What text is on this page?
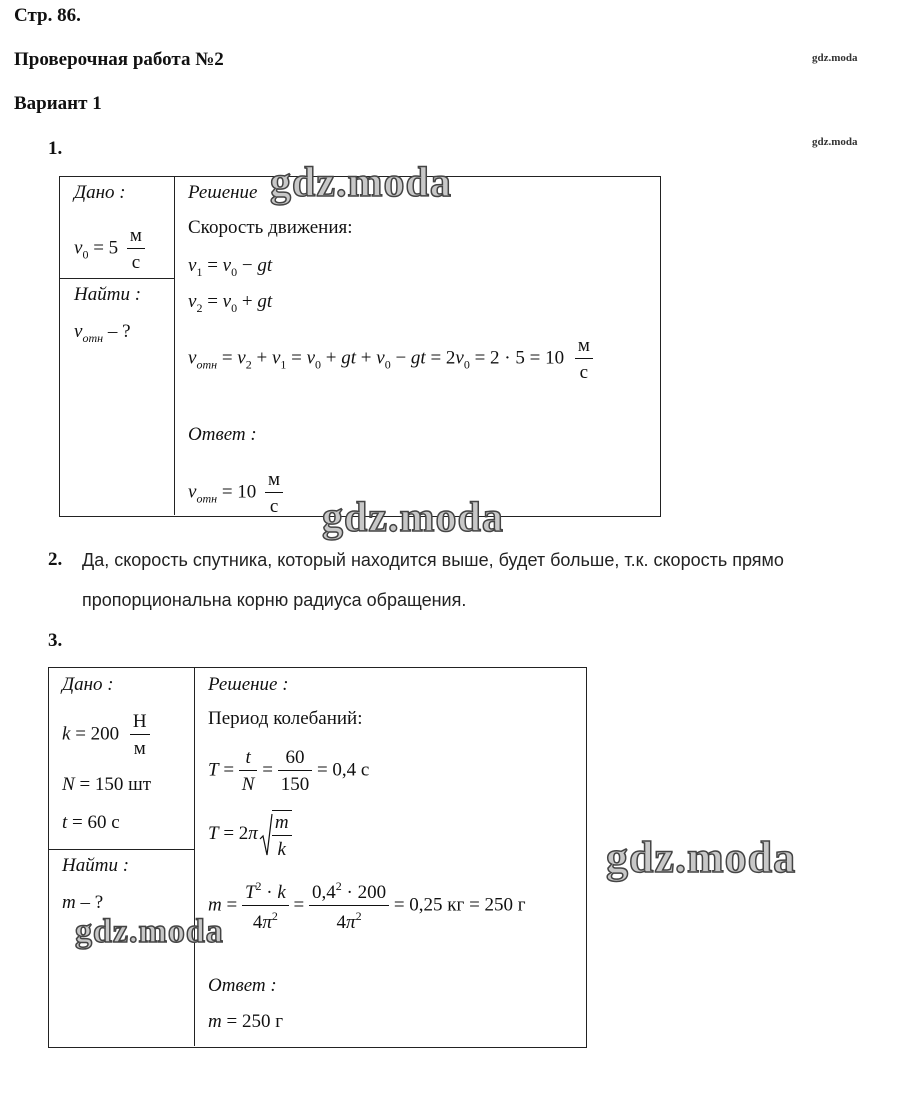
Стр. 86.
Проверочная работа №2
Вариант 1
gdz.moda
gdz.moda
1.
Дано :
$v_0 = 5 \frac{м}{с}$
Найти :
$v_{отн}$ – ?
Решение
Скорость движения:
$v_1 = v_0$ − gt
$v_2 = v_0$ + gt
$v_{отн} = v_2 + v_1 = v_0$ + gt + $v_0$ − gt = $2v_0 = 2 \cdot 5 = 10 \frac{м}{с}$
Ответ :
$v_{отн} = 10 \frac{м}{с}$
gdz.moda
gdz.moda
2. Да, скорость спутника, который находится выше, будет больше, т.к. скорость прямо
пропорциональна корню радиуса обращения.
3.
Дано :
$k = 200 \frac{Н}{м}$
N = 150 шт
t = 60 с
Найти :
m – ?
Решение :
Период колебаний:
$T = \frac{t}{N} = \frac{60}{150} = 0,4$ с
$T = 2\pi \frac{m}{k}$
$m = \frac{T^2 \cdot k}{4\pi^2} = \frac{0,4^2 \cdot 200}{4\pi^2} = 0,25$ кг = 250 г
Ответ :
m = 250 г
gdz.moda
gdz.moda
